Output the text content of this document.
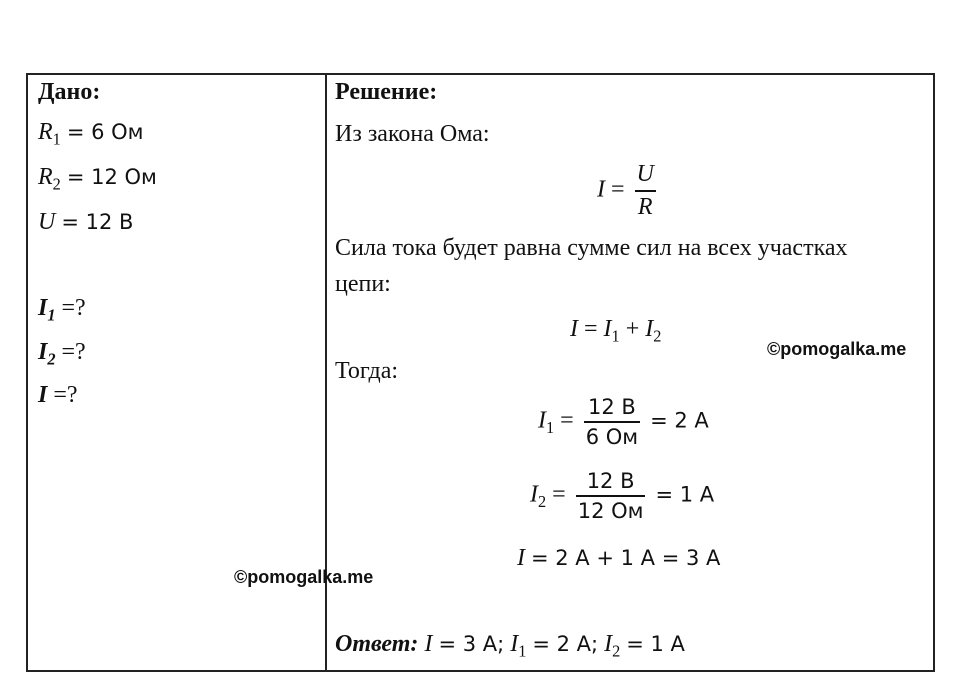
Дано:
$R_1 = 6$ Ом
$R_2 = 12$ Ом
U = 12 В
$I_1$ =?
$I_2$ =?
I =?
Решение:
Из закона Ома:
$I = \frac{U}{R}$
Сила тока будет равна сумме сил на всех участках
цепи:
$I = I_1 + I_2$
Тогда:
$I_1 = \frac{12 В}{6 Ом} = 2$ А
$I_2 = \frac{12 В}{12 Ом} = 1$ А
I = 2 А + 1 А = 3 А
Ответ: I = 3 А; $I_1 = 2$ А; $I_2 = 1$ А
©pomogalka.me
©pomogalka.me
